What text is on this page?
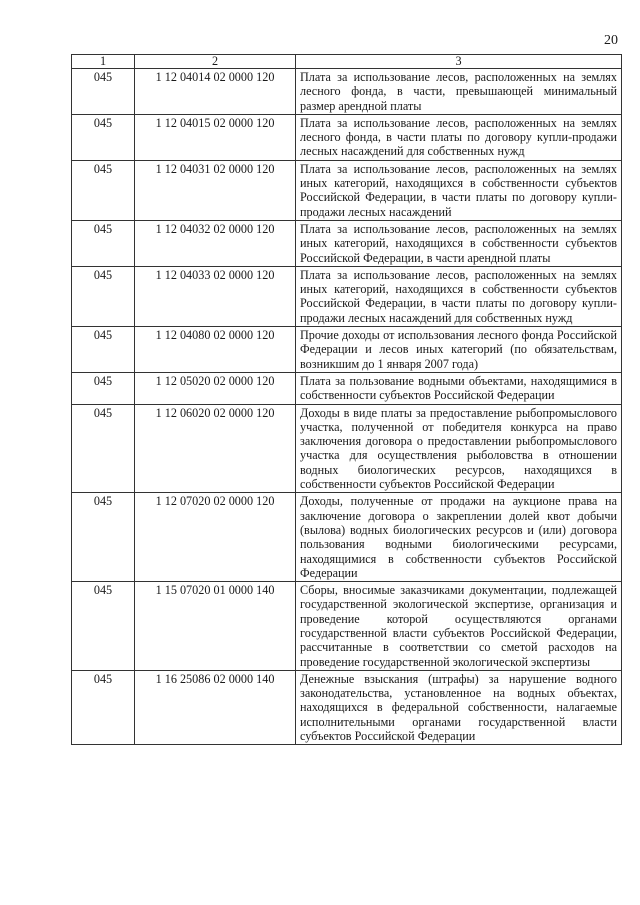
20
1	2	3
045	1 12 04014 02 0000 120	Плата за использование лесов, расположенных на землях лесного фонда, в части, превышающей минимальный размер арендной платы
045	1 12 04015 02 0000 120	Плата за использование лесов, расположенных на землях лесного фонда, в части платы по договору купли-продажи лесных насаждений для собственных нужд
045	1 12 04031 02 0000 120	Плата за использование лесов, расположенных на землях иных категорий, находящихся в собственности субъектов Российской Федерации, в части платы по договору купли-продажи лесных насаждений
045	1 12 04032 02 0000 120	Плата за использование лесов, расположенных на землях иных категорий, находящихся в собственности субъектов Российской Федерации, в части арендной платы
045	1 12 04033 02 0000 120	Плата за использование лесов, расположенных на землях иных категорий, находящихся в собственности субъектов Российской Федерации, в части платы по договору купли-продажи лесных насаждений для собственных нужд
045	1 12 04080 02 0000 120	Прочие доходы от использования лесного фонда Российской Федерации и лесов иных категорий (по обязательствам, возникшим до 1 января 2007 года)
045	1 12 05020 02 0000 120	Плата за пользование водными объектами, находящимися в собственности субъектов Российской Федерации
045	1 12 06020 02 0000 120	Доходы в виде платы за предоставление рыбопромыслового участка, полученной от победителя конкурса на право заключения договора о предоставлении рыбопромыслового участка для осуществления рыболовства в отношении водных биологических ресурсов, находящихся в собственности субъектов Российской Федерации
045	1 12 07020 02 0000 120	Доходы, полученные от продажи на аукционе права на заключение договора о закреплении долей квот добычи (вылова) водных биологических ресурсов и (или) договора пользования водными биологическими ресурсами, находящимися в собственности субъектов Российской Федерации
045	1 15 07020 01 0000 140	Сборы, вносимые заказчиками документации, подлежащей государственной экологической экспертизе, организация и проведение которой осуществляются органами государственной власти субъектов Российской Федерации, рассчитанные в соответствии со сметой расходов на проведение государственной экологической экспертизы
045	1 16 25086 02 0000 140	Денежные взыскания (штрафы) за нарушение водного законодательства, установленное на водных объектах, находящихся в федеральной собственности, налагаемые исполнительными органами государственной власти субъектов Российской Федерации
